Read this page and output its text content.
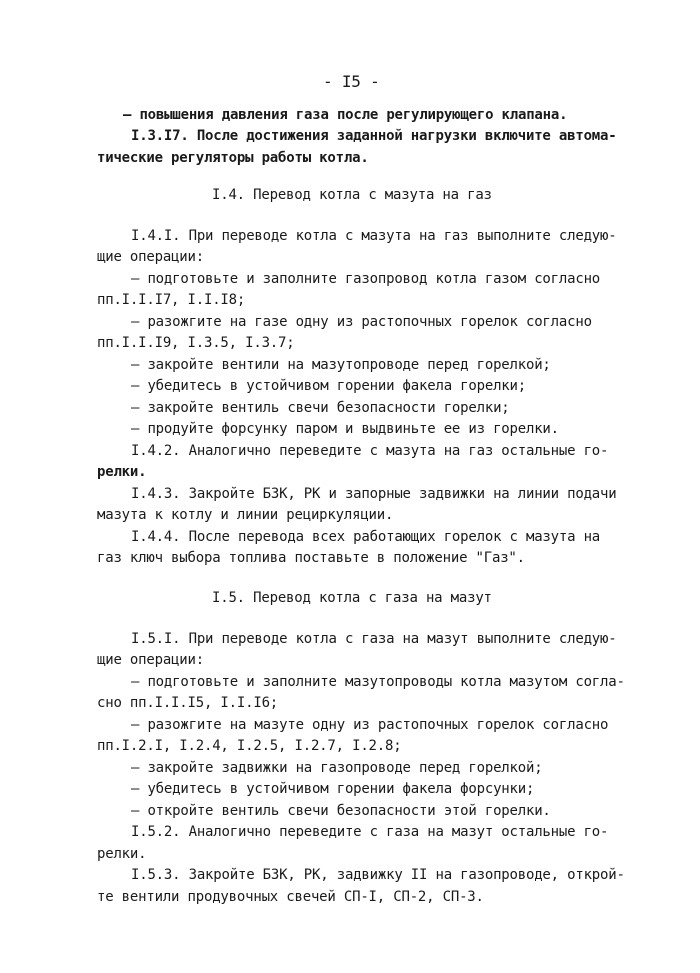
- I5 -
– повышения давления газа после регулирующего клапана.
I.3.I7. После достижения заданной нагрузки включите автома-
тические регуляторы работы котла.
I.4. Перевод котла с мазута на газ
I.4.I. При переводе котла с мазута на газ выполните следую-
щие операции:
– подготовьте и заполните газопровод котла газом согласно
пп.I.I.I7, I.I.I8;
– разожгите на газе одну из растопочных горелок согласно
пп.I.I.I9, I.3.5, I.3.7;
– закройте вентили на мазутопроводе перед горелкой;
– убедитесь в устойчивом горении факела горелки;
– закройте вентиль свечи безопасности горелки;
– продуйте форсунку паром и выдвиньте ее из горелки.
I.4.2. Аналогично переведите с мазута на газ остальные го-
релки.
I.4.3. Закройте БЗК, РК и запорные задвижки на линии подачи
мазута к котлу и линии рециркуляции.
I.4.4. После перевода всех работающих горелок с мазута на
газ ключ выбора топлива поставьте в положение "Газ".
I.5. Перевод котла с газа на мазут
I.5.I. При переводе котла с газа на мазут выполните следую-
щие операции:
– подготовьте и заполните мазутопроводы котла мазутом согла-
сно пп.I.I.I5, I.I.I6;
– разожгите на мазуте одну из растопочных горелок согласно
пп.I.2.I, I.2.4, I.2.5, I.2.7, I.2.8;
– закройте задвижки на газопроводе перед горелкой;
– убедитесь в устойчивом горении факела форсунки;
– откройте вентиль свечи безопасности этой горелки.
I.5.2. Аналогично переведите с газа на мазут остальные го-
релки.
I.5.3. Закройте БЗК, РК, задвижку II на газопроводе, открой-
те вентили продувочных свечей СП-I, СП-2, СП-3.
